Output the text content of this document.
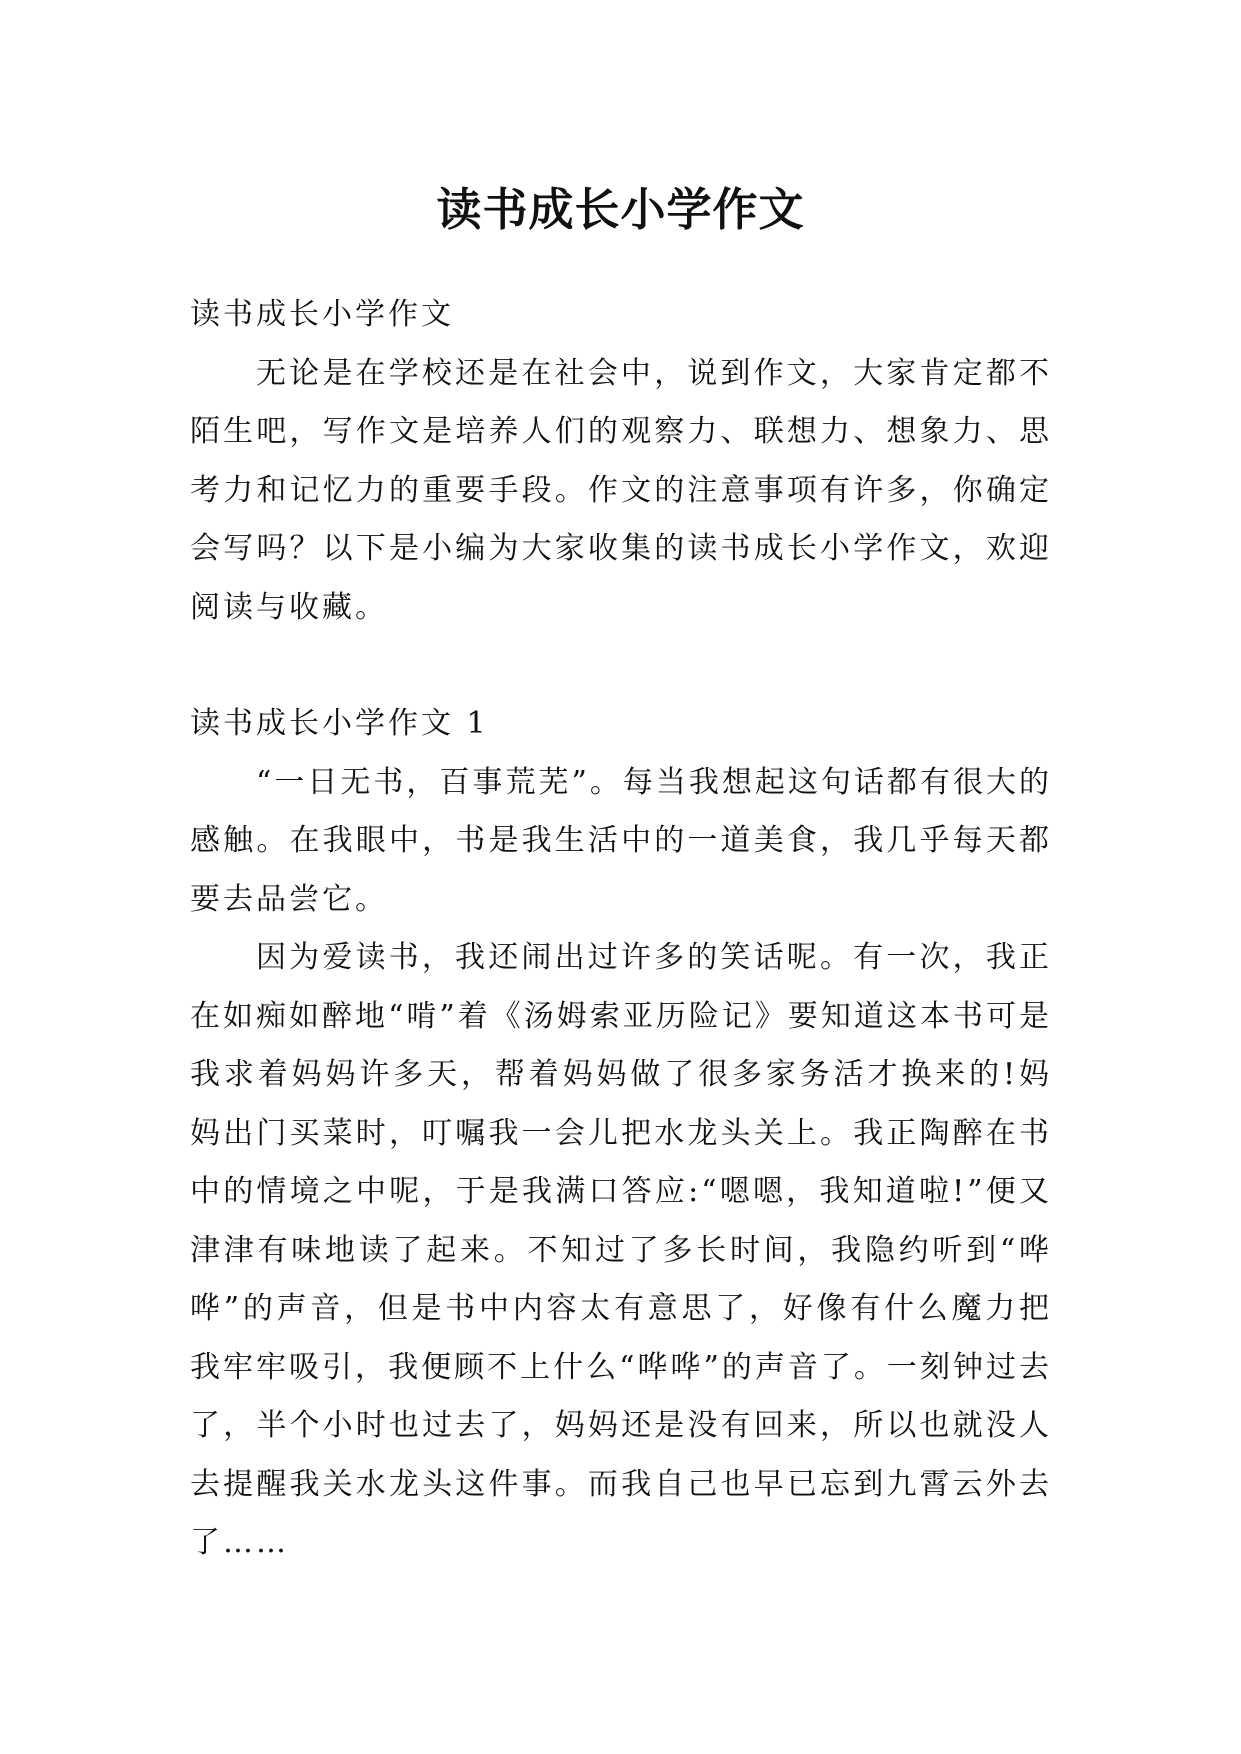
读书成长小学作文

读书成长小学作文

无论是在学校还是在社会中，说到作文，大家肯定都不陌生吧，写作文是培养人们的观察力、联想力、想象力、思考力和记忆力的重要手段。作文的注意事项有许多，你确定会写吗？以下是小编为大家收集的读书成长小学作文，欢迎阅读与收藏。

读书成长小学作文 1

“一日无书，百事荒芜”。每当我想起这句话都有很大的感触。在我眼中，书是我生活中的一道美食，我几乎每天都要去品尝它。

因为爱读书，我还闹出过许多的笑话呢。有一次，我正在如痴如醉地“啃”着《汤姆索亚历险记》要知道这本书可是我求着妈妈许多天，帮着妈妈做了很多家务活才换来的!妈妈出门买菜时，叮嘱我一会儿把水龙头关上。我正陶醉在书中的情境之中呢，于是我满口答应:“嗯嗯，我知道啦!”便又津津有味地读了起来。不知过了多长时间，我隐约听到“哗哗”的声音，但是书中内容太有意思了，好像有什么魔力把我牢牢吸引，我便顾不上什么“哗哗”的声音了。一刻钟过去了，半个小时也过去了，妈妈还是没有回来，所以也就没人去提醒我关水龙头这件事。而我自己也早已忘到九霄云外去了……
